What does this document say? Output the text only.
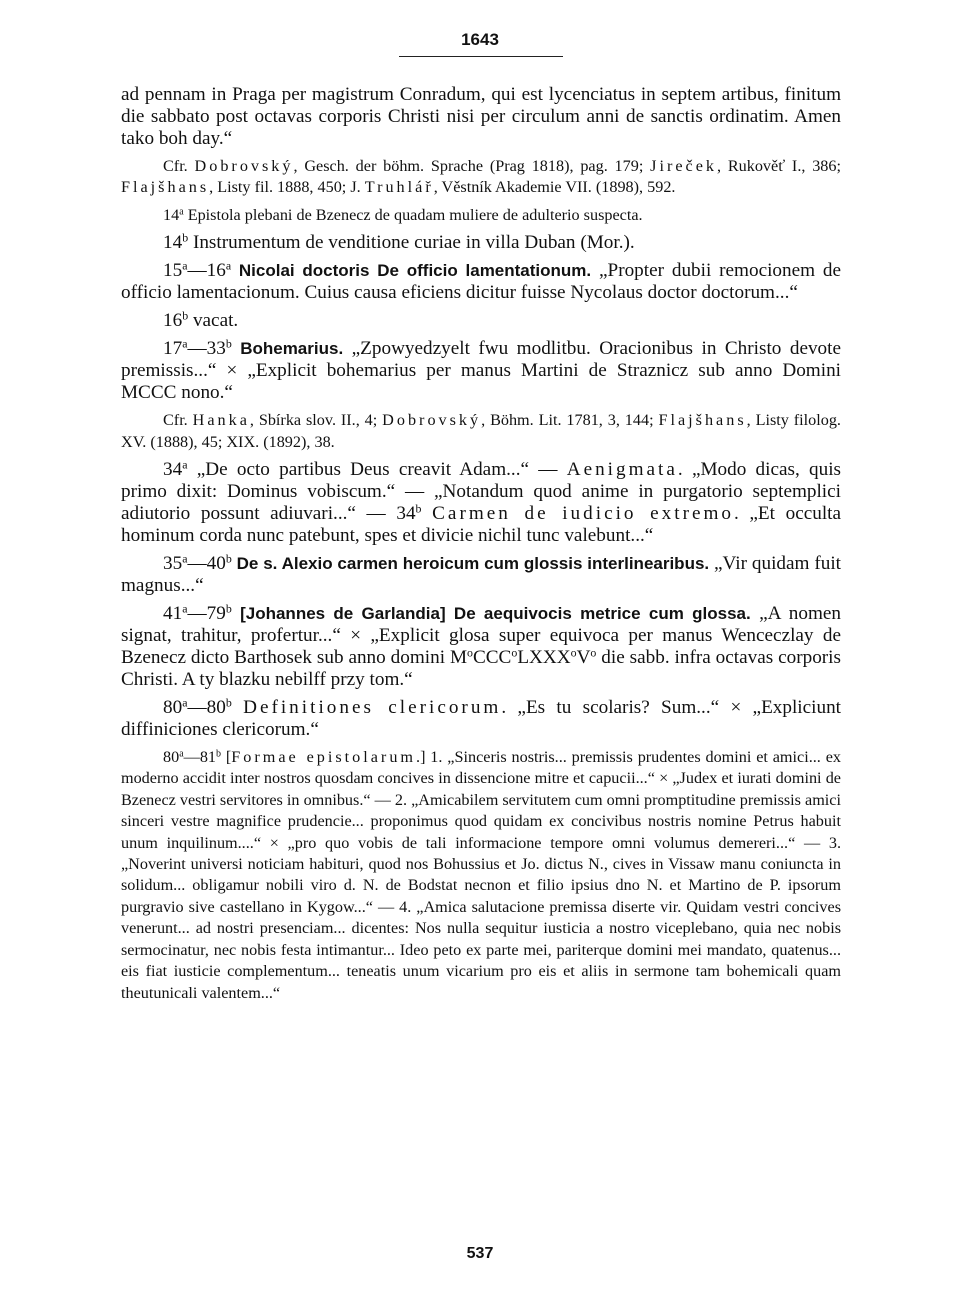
1643

ad pennam in Praga per magistrum Conradum, qui est lycenciatus in septem artibus, finitum die sabbato post octavas corporis Christi nisi per circulum anni de sanctis ordinatim. Amen tako boh day.“

Cfr. Dobrovský, Gesch. der böhm. Sprache (Prag 1818), pag. 179; Jireček, Rukověť I., 386; Flajšhans, Listy fil. 1888, 450; J. Truhlář, Věstník Akademie VII. (1898), 592.

14$^a$ Epistola plebani de Bzenecz de quadam muliere de adulterio suspecta.

14$^b$ Instrumentum de venditione curiae in villa Duban (Mor.).

15$^a$—16$^a$ Nicolai doctoris De officio lamentationum. „Propter dubii remocionem de officio lamentacionum. Cuius causa eficiens dicitur fuisse Nycolaus doctor doctorum...“

16$^b$ vacat.

17$^a$—33$^b$ Bohemarius. „Zpowyedzyelt fwu modlitbu. Oracionibus in Christo devote premissis...“ × „Explicit bohemarius per manus Martini de Straznicz sub anno Domini MCCC nono.“

Cfr. Hanka, Sbírka slov. II., 4; Dobrovský, Böhm. Lit. 1781, 3, 144; Flajšhans, Listy filolog. XV. (1888), 45; XIX. (1892), 38.

34$^a$ „De octo partibus Deus creavit Adam...“ — Aenigmata. „Modo dicas, quis primo dixit: Dominus vobiscum.“ — „Notandum quod anime in purgatorio septemplici adiutorio possunt adiuvari...“ — 34$^b$ Carmen de iudicio extremo. „Et occulta hominum corda nunc patebunt, spes et divicie nichil tunc valebunt...“

35$^a$—40$^b$ De s. Alexio carmen heroicum cum glossis interlinearibus. „Vir quidam fuit magnus...“

41$^a$—79$^b$ [Johannes de Garlandia] De aequivocis metrice cum glossa. „A nomen signat, trahitur, profertur...“ × „Explicit glosa super equivoca per manus Wenceczlay de Bzenecz dicto Barthosek sub anno domini $M^oCCC^oLXXX^oV^o$ die sabb. infra octavas corporis Christi. A ty blazku nebilff przy tom.“

80$^a$—80$^b$ Definitiones clericorum. „Es tu scolaris? Sum...“ × „Expliciunt diffiniciones clericorum.“

80$^a$—81$^b$ [Formae epistolarum.] 1. „Sinceris nostris... premissis prudentes domini et amici... ex moderno accidit inter nostros quosdam concives in dissencione mitre et capucii...“ × „Judex et iurati domini de Bzenecz vestri servitores in omnibus.“ — 2. „Amicabilem servitutem cum omni promptitudine premissis amici sinceri vestre magnifice prudencie... proponimus quod quidam ex concivibus nostris nomine Petrus habuit unum inquilinum....“ × „pro quo vobis de tali informacione tempore omni volumus demereri...“ — 3. „Noverint universi noticiam habituri, quod nos Bohussius et Jo. dictus N., cives in Vissaw manu coniuncta in solidum... obligamur nobili viro d. N. de Bodstat necnon et filio ipsius dno N. et Martino de P. ipsorum purgravio sive castellano in Kygow...“ — 4. „Amica salutacione premissa diserte vir. Quidam vestri concives venerunt... ad nostri presenciam... dicentes: Nos nulla sequitur iusticia a nostro viceplebano, quia nec nobis sermocinatur, nec nobis festa intimantur... Ideo peto ex parte mei, pariterque domini mei mandato, quatenus... eis fiat iusticie complementum... teneatis unum vicarium pro eis et aliis in sermone tam bohemicali quam theutunicali valentem...“

537
